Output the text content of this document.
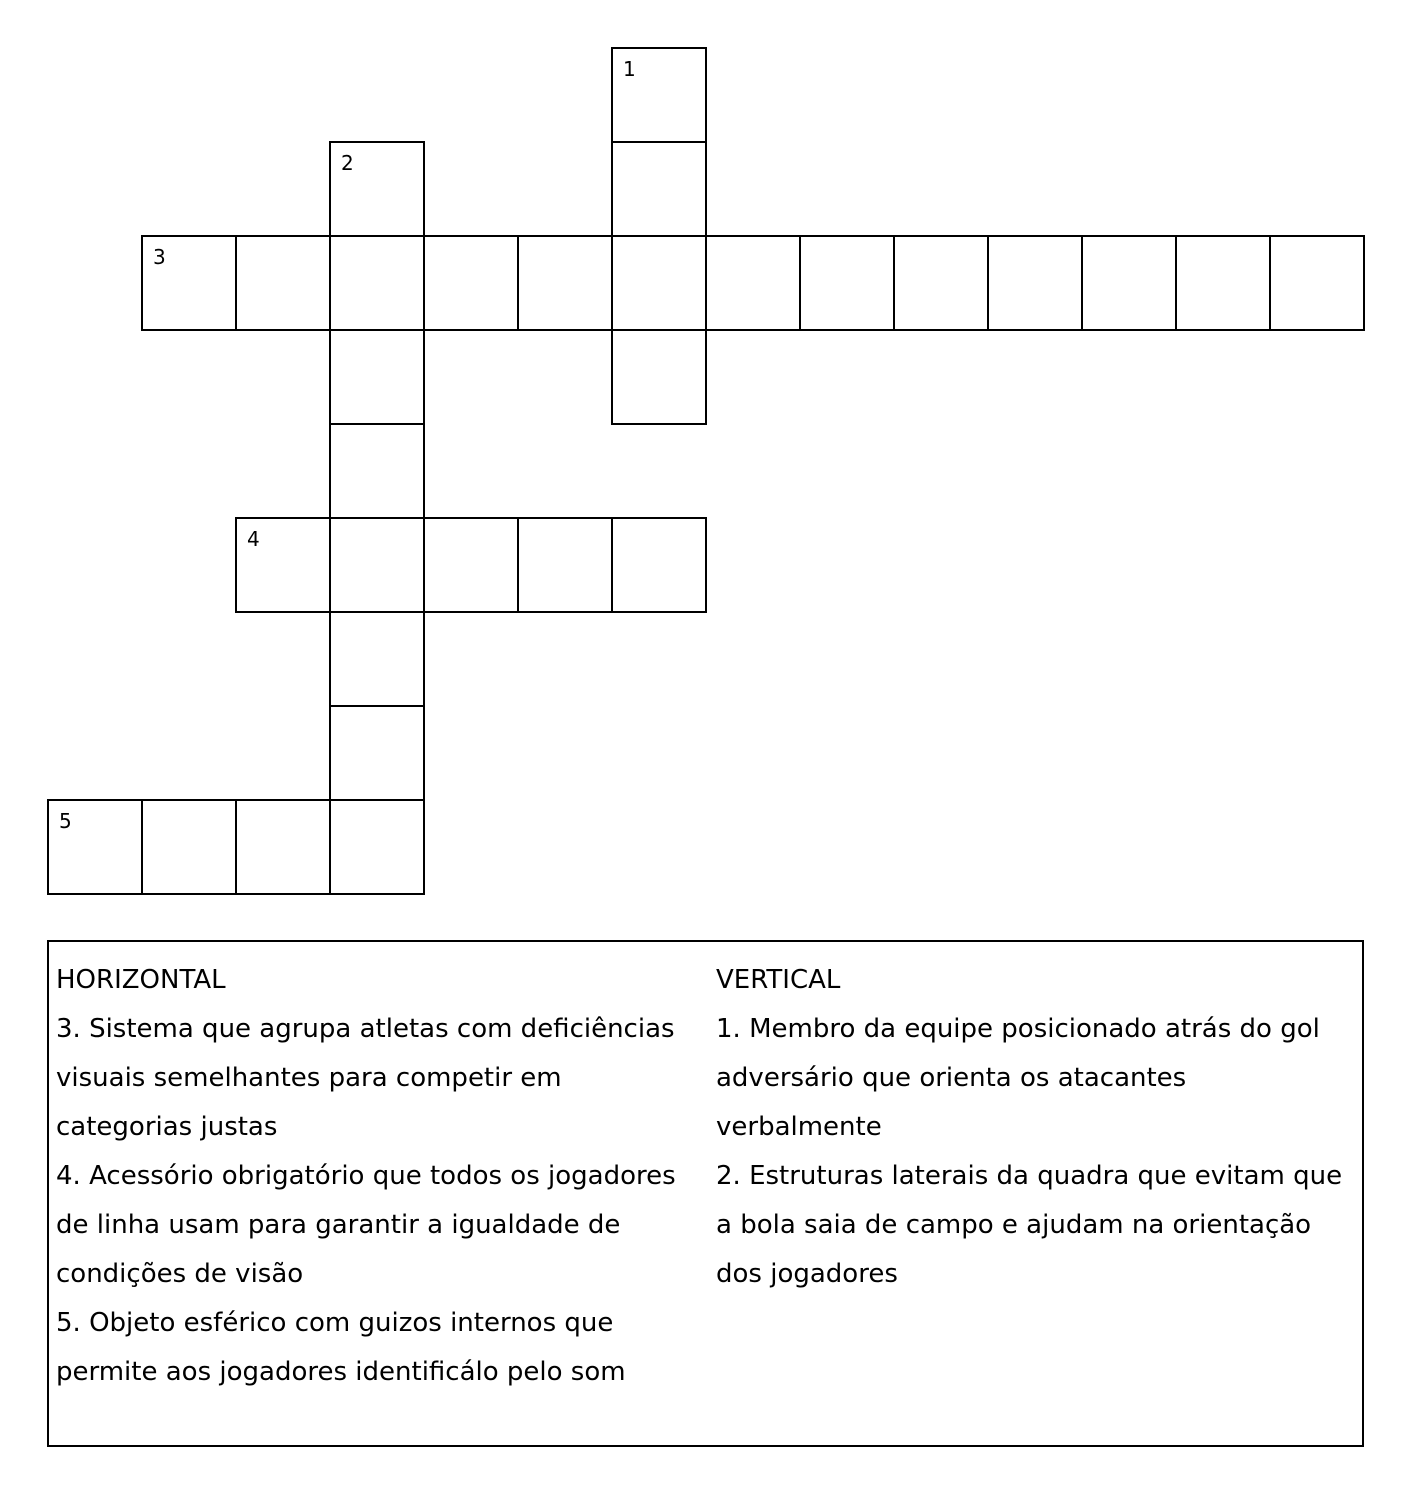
1
2
3
4
5
HORIZONTAL
3. Sistema que agrupa atletas com deficiências visuais semelhantes para competir em categorias justas
4. Acessório obrigatório que todos os jogadores de linha usam para garantir a igualdade de condições de visão
5. Objeto esférico com guizos internos que permite aos jogadores identificálo pelo som
VERTICAL
1. Membro da equipe posicionado atrás do gol adversário que orienta os atacantes verbalmente
2. Estruturas laterais da quadra que evitam que a bola saia de campo e ajudam na orientação dos jogadores
